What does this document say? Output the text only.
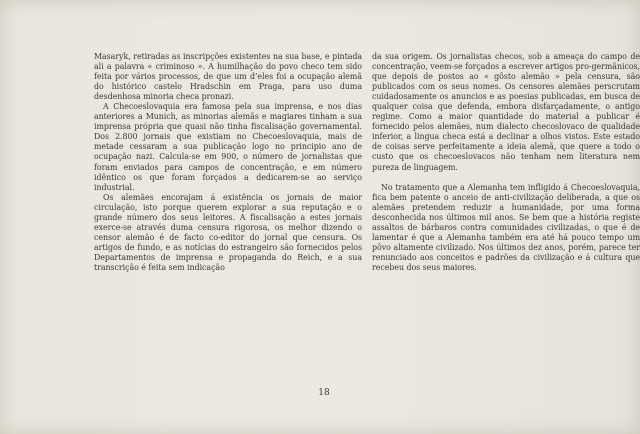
Masaryk, retiradas as inscripções existentes na sua base, e pintada ali a palavra « criminoso ». A humilhação do povo checo tem sido feita por vários processos, de que um d’eles foi a ocupação alemã do histórico castelo Hradschin em Praga, para uso duma desdenhosa minoria checa pronazi.

A Checoeslovaquia era famosa pela sua imprensa, e nos dias anteriores a Munich, as minorias alemãs e magiares tinham a sua imprensa própria que quasi não tinha fiscalisação governamental. Dos 2.800 jornais que existiam no Checoeslovaquia, mais de metade cessaram a sua publicação logo no principio ano de ocupação nazi. Calcula-se em 900, o número de jornalistas que foram enviados para campos de concentração, e em número idêntico os que foram forçados a dedicarem-se ao serviço industrial.

Os alemães encorajam á existência os jornais de maior circulação, isto porque querem explorar a sua reputação e o grande número dos seus leitores. A fiscalisação a estes jornais exerce-se através duma censura rigorosa, os melhor dizendo o censor alemão é de facto co-editor do jornal que censura. Os artigos de fundo, e as notícias do estrangeiro são fornecidos pelos Departamentos de imprensa e propaganda do Reich, e a sua transcrição é feita sem indicação

da sua origem. Os jornalistas checos, sob a ameaça do campo de concentração, veem-se forçados a escrever artigos pro-germânicos, que depois de postos ao « gôsto alemão » pela censura, são publicados com os seus nomes. Os censores alemães perscrutam cuidadosamente os anuncios e as poesias publicadas, em busca de qualquer coisa que defenda, embora disfarçadamente, o antigo regime. Como a maior quantidade do material a publicar é fornecido pelos alemães, num dialecto checoslovaco de qualidade inferior, a lingua checa está a declinar a olhos vistos. Este estado de coisas serve perfeitamente a ideia alemã, que quere a todo o custo que os checoeslovacos não tenham nem literatura nem pureza de linguagem.

No tratamento que a Alemanha tem infligido á Checoeslovaquia, fica bem patente o anceio de anti-civilização deliberada, a que os alemães pretendem reduzir a humanidade, por uma forma desconhecida nos últimos mil anos. Se bem que a história registe assaltos de bárbaros contra comunidades civilizadas, o que é de lamentar é que a Alemanha também era até há pouco tempo um pôvo altamente civilizado. Nos últimos dez anos, porém, parece ter renunciado aos conceitos e padrões da civilização e á cultura que recebeu dos seus maiores.

18
